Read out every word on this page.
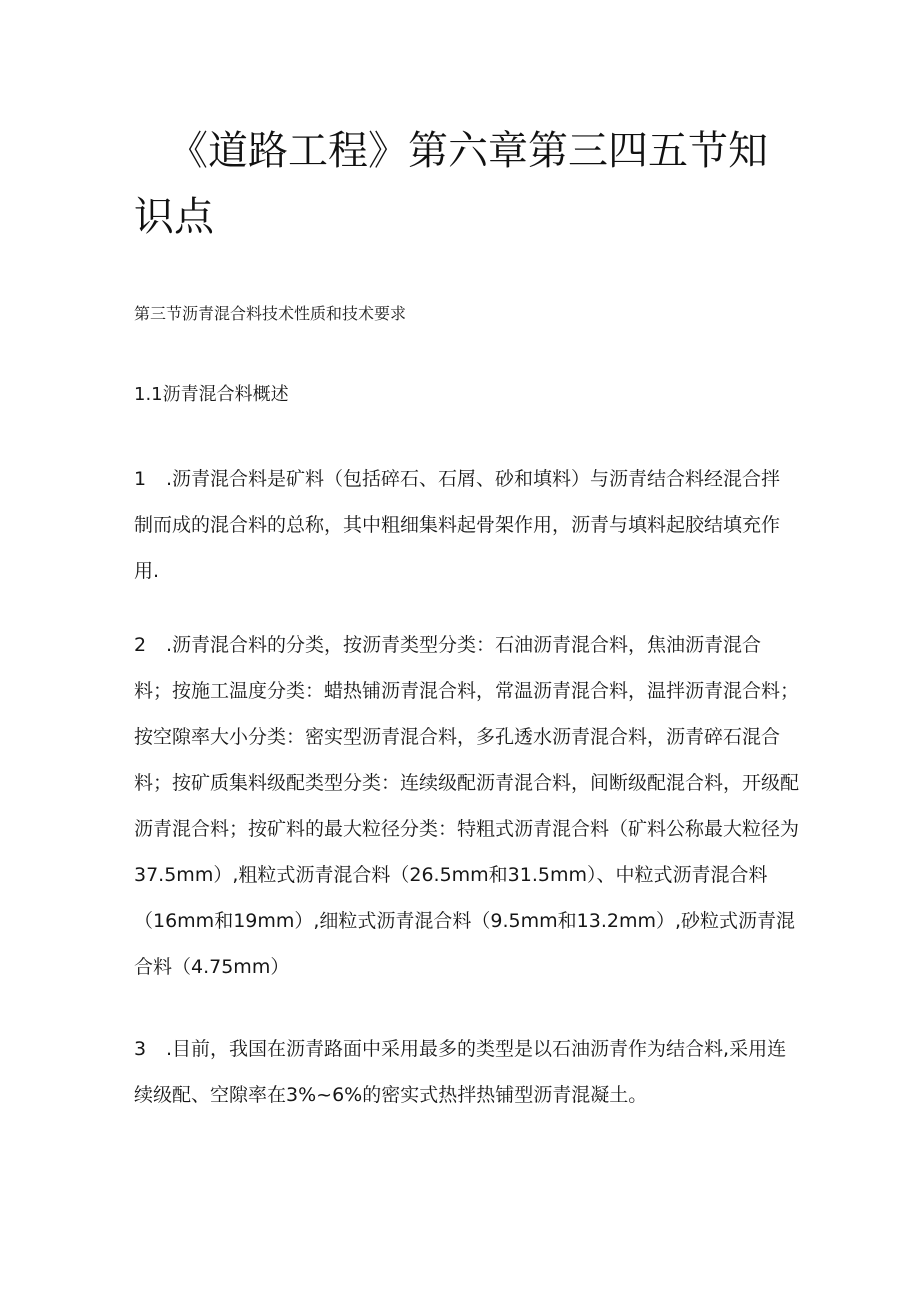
《道路工程》第六章第三四五节知识点

第三节沥青混合料技术性质和技术要求

1.1沥青混合料概述

1 .沥青混合料是矿料（包括碎石、石屑、砂和填料）与沥青结合料经混合拌制而成的混合料的总称，其中粗细集料起骨架作用，沥青与填料起胶结填充作用.

2 .沥青混合料的分类，按沥青类型分类：石油沥青混合料，焦油沥青混合料；按施工温度分类：蜡热铺沥青混合料，常温沥青混合料，温拌沥青混合料；按空隙率大小分类：密实型沥青混合料，多孔透水沥青混合料，沥青碎石混合料；按矿质集料级配类型分类：连续级配沥青混合料，间断级配混合料，开级配沥青混合料；按矿料的最大粒径分类：特粗式沥青混合料（矿料公称最大粒径为37.5mm）,粗粒式沥青混合料（26.5mm和31.5mm）、中粒式沥青混合料（16mm和19mm）,细粒式沥青混合料（9.5mm和13.2mm）,砂粒式沥青混合料（4.75mm）

3 .目前，我国在沥青路面中采用最多的类型是以石油沥青作为结合料,采用连续级配、空隙率在3%~6%的密实式热拌热铺型沥青混凝土。
